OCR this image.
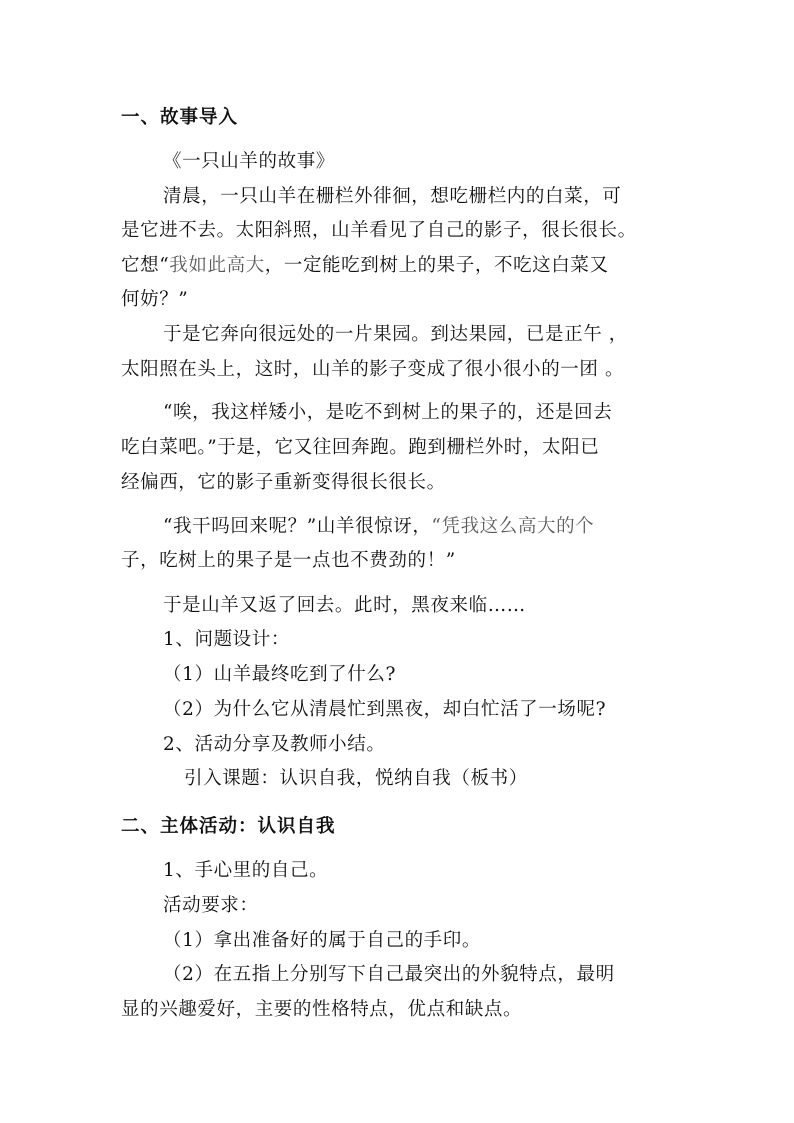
一、故事导入
《一只山羊的故事》
清晨，一只山羊在栅栏外徘徊，想吃栅栏内的白菜，可
是它进不去。太阳斜照，山羊看见了自己的影子，很长很长。
它想“我如此高大，一定能吃到树上的果子，不吃这白菜又
何妨？”
于是它奔向很远处的一片果园。到达果园，已是正午 ，
太阳照在头上，这时，山羊的影子变成了很小很小的一团 。
“唉，我这样矮小，是吃不到树上的果子的，还是回去
吃白菜吧。”于是，它又往回奔跑。跑到栅栏外时，太阳已
经偏西，它的影子重新变得很长很长。
“我干吗回来呢？”山羊很惊讶，“凭我这么高大的个
子，吃树上的果子是一点也不费劲的！”
于是山羊又返了回去。此时，黑夜来临……
1、问题设计：
（1）山羊最终吃到了什么?
（2）为什么它从清晨忙到黑夜，却白忙活了一场呢?
2、活动分享及教师小结。
引入课题：认识自我，悦纳自我（板书）
二、主体活动：认识自我
1、手心里的自己。
活动要求：
（1）拿出准备好的属于自己的手印。
（2）在五指上分别写下自己最突出的外貌特点，最明
显的兴趣爱好，主要的性格特点，优点和缺点。
